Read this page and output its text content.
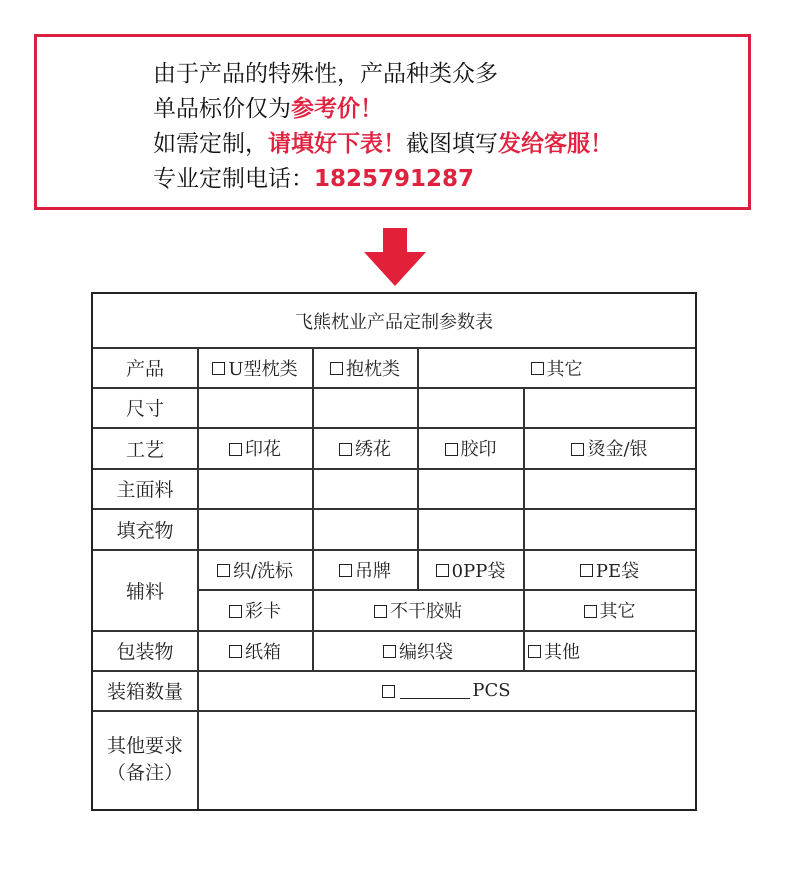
由于产品的特殊性，产品种类众多
单品标价仅为参考价！
如需定制，请填好下表！截图填写发给客服！
专业定制电话：1825791287
飞熊枕业产品定制参数表
产品	U型枕类	抱枕类	其它
尺寸
工艺	印花	绣花	胶印	烫金/银
主面料
填充物
辅料
织/洗标	吊牌	0PP袋	PE袋
彩卡	不干胶贴	其它
包装物	纸箱	编织袋	其他
装箱数量	PCS
其他要求
（备注）
